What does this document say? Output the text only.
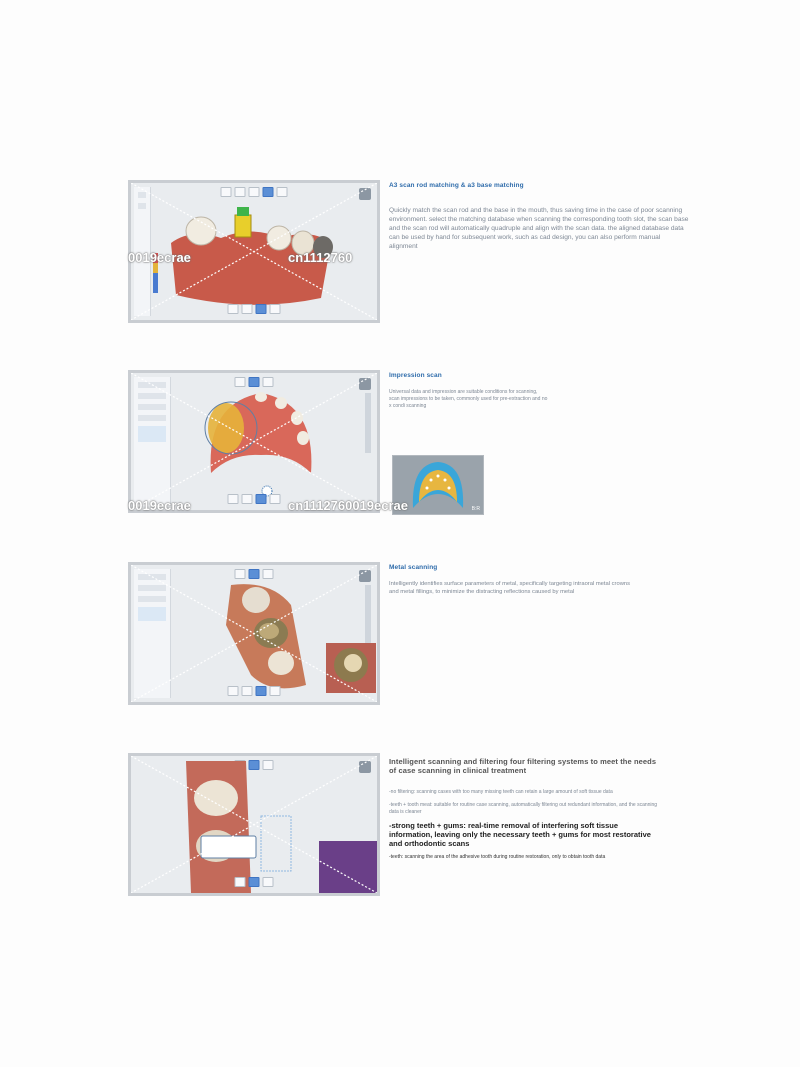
A3 scan rod matching & a3 base matching

Quickly match the scan rod and the base in the mouth, thus saving time in the case of poor scanning environment. select the matching database when scanning the corresponding tooth slot, the scan base and the scan rod will automatically quadruple and align with the scan data. the aligned database data can be used by hand for subsequent work, such as cad design, you can also perform manual alignment

Impression scan

Universal data and impression are suitable conditions for scanning, scan impressions to be taken, commonly used for pre-extraction and no x condi scanning

B:R

Metal scanning

Intelligently identifies surface parameters of metal, specifically targeting intraoral metal crowns and metal fillings, to minimize the distracting reflections caused by metal

Intelligent scanning and filtering four filtering systems to meet the needs of case scanning in clinical treatment

-no filtering: scanning cases with too many missing teeth can retain a large amount of soft tissue data

-teeth + tooth meat: suitable for routine case scanning, automatically filtering out redundant information, and the scanning data is cleaner

-strong teeth + gums: real-time removal of interfering soft tissue information, leaving only the necessary teeth + gums for most restorative and orthodontic scans

-teeth: scanning the area of the adhesive tooth during routine restoration, only to obtain tooth data

0019ecrae	cn1112760
0019ecrae	cn1112760019ecrae
